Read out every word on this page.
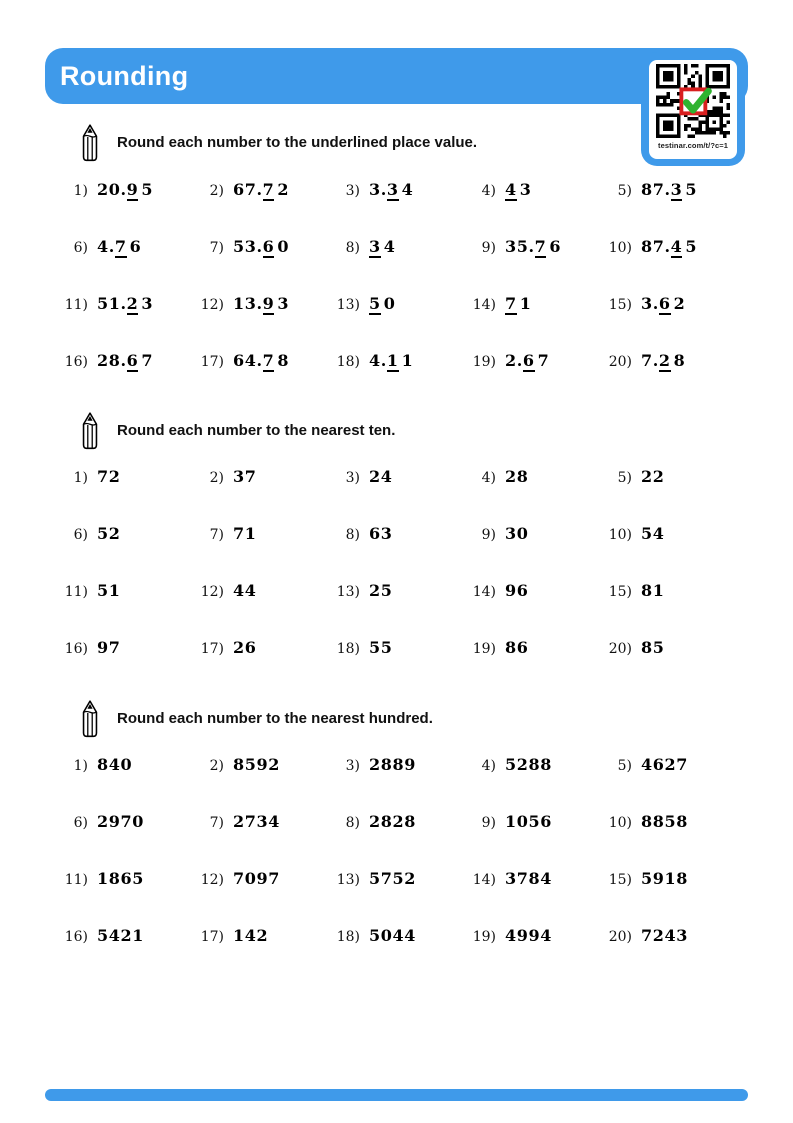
Rounding
testinar.com/t/?c=1
Round each number to the underlined place value.
1) 20.9 5	2) 67.7 2	3) 3.3 4	4) 4 3	5) 87.3 5
6) 4.7 6	7) 53.6 0	8) 3 4	9) 35.7 6	10) 87.4 5
11) 51.2 3	12) 13.9 3	13) 5 0	14) 7 1	15) 3.6 2
16) 28.6 7	17) 64.7 8	18) 4.1 1	19) 2.6 7	20) 7.2 8
Round each number to the nearest ten.
1) 72	2) 37	3) 24	4) 28	5) 22
6) 52	7) 71	8) 63	9) 30	10) 54
11) 51	12) 44	13) 25	14) 96	15) 81
16) 97	17) 26	18) 55	19) 86	20) 85
Round each number to the nearest hundred.
1) 840	2) 8592	3) 2889	4) 5288	5) 4627
6) 2970	7) 2734	8) 2828	9) 1056	10) 8858
11) 1865	12) 7097	13) 5752	14) 3784	15) 5918
16) 5421	17) 142	18) 5044	19) 4994	20) 7243
